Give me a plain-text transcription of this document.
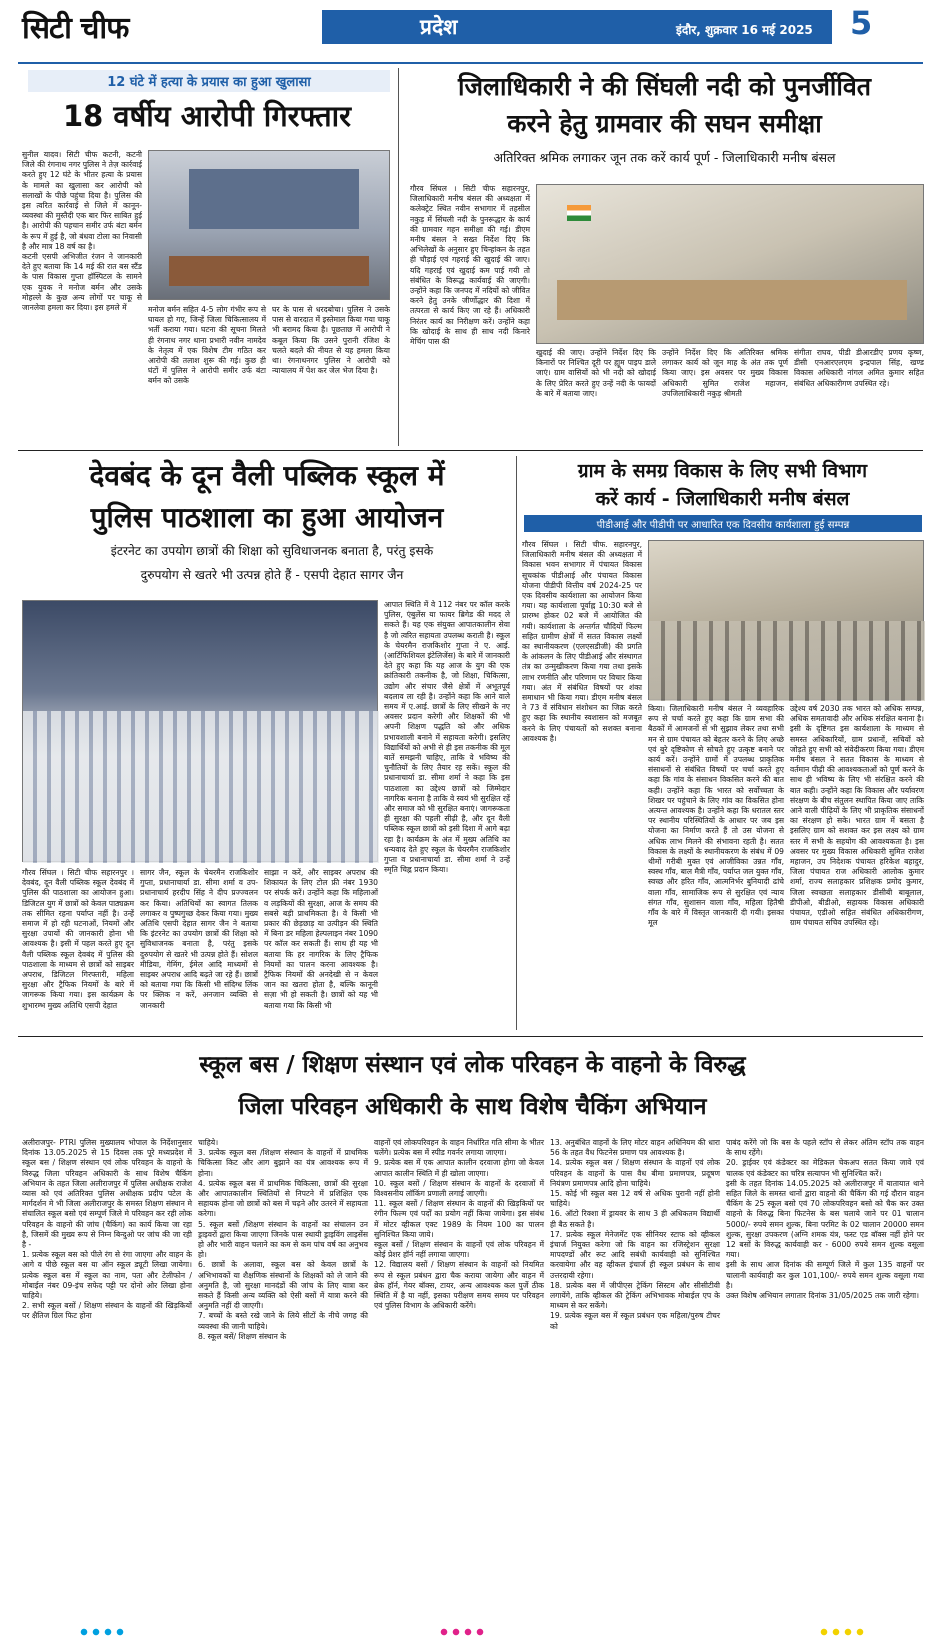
सिटी चीफ	प्रदेश	इंदौर, शुक्रवार 16 मई 2025 5
12 घंटे में हत्या के प्रयास का हुआ खुलासा
18 वर्षीय आरोपी गिरफ्तार

सुनील यादव। सिटी चीफ कटनी, कटनी जिले की रंगनाथ नगर पुलिस ने तेज़ कार्रवाई करते हुए 12 घंटे के भीतर हत्या के प्रयास के मामले का खुलासा कर आरोपी को सलाखों के पीछे पहुंचा दिया है। पुलिस की इस त्वरित कार्रवाई से जिले में कानून-व्यवस्था की मुस्तैदी एक बार फिर साबित हुई है। आरोपी की पहचान समीर उर्फ बंटा बर्मन के रूप में हुई है, जो बंधवा टोला का निवासी है और मात्र 18 वर्ष का है।
कटनी एसपी अभिजीत रंजन ने जानकारी देते हुए बताया कि 14 मई की रात बस स्टैंड के पास विकास गुप्ता हॉस्पिटल के सामने एक युवक ने मनोज बर्मन और उसके मोहल्ले के कुछ अन्य लोगों पर चाकू से जानलेवा हमला कर दिया। इस हमले में	मनोज बर्मन सहित 4-5 लोग गंभीर रूप से घायल हो गए, जिन्हें जिला चिकित्सालय में भर्ती कराया गया। घटना की सूचना मिलते ही रंगनाथ नगर थाना प्रभारी नवीन नामदेव के नेतृत्व में एक विशेष टीम गठित कर आरोपी की तलाश शुरू की गई। कुछ ही घंटों में पुलिस ने आरोपी समीर उर्फ बंटा बर्मन को उसके

घर के पास से धरदबोचा। पुलिस ने उसके पास से वारदात में इस्तेमाल किया गया चाकू भी बरामद किया है। पूछताछ में आरोपी ने कबूल किया कि उसने पुरानी रंजिश के चलते बदले की नीयत से यह हमला किया था। रंगनाथनगर पुलिस ने आरोपी को न्यायालय में पेश कर जेल भेज दिया है।

जिलाधिकारी ने की सिंघली नदी को पुनर्जीवित
करने हेतु ग्रामवार की सघन समीक्षा
अतिरिक्त श्रमिक लगाकर जून तक करें कार्य पूर्ण - जिलाधिकारी मनीष बंसल

गौरव सिंघल । सिटी चीफ सहारनपुर, जिलाधिकारी मनीष बंसल की अध्यक्षता में कलेक्ट्रेट स्थित नवीन सभागार में तहसील नकुड़ में सिंघली नदी के पुनरूद्धार के कार्य की ग्रामवार गहन समीक्षा की गई। डीएम मनीष बंसल ने सख्त निर्देश दिए कि अभिलेखों के अनुसार हुए चिन्हांकन के तहत ही चौड़ाई एवं गहराई की खुदाई की जाए। यदि गहराई एवं खुदाई कम पाई गयी तो संबंधित के विरूद्ध कार्यवाई की जाएगी। उन्होंने कहा कि जनपद में नदियों को जीवित करने हेतु उनके जीर्णोद्धार की दिशा में तत्परता से कार्य किए जा रहे हैं। अधिकारी निरंतर कार्य का निरीक्षण करें। उन्होंने कहा कि खोदाई के साथ ही साथ नदी किनारे मेचिंग पास की

खुदाई की जाए। उन्होंने निर्देश दिए कि किनारों पर निश्चित दूरी पर ह्यूम पाइप डाले जाएं। ग्राम वासियों को भी नदी को खोदाई के लिए प्रेरित करते हुए उन्हें नदी के फायदों के बारे में बताया जाए।

उन्होंने निर्देश दिए कि अतिरिक्त श्रमिक लगाकर कार्य को जून माह के अंत तक पूर्ण किया जाए। इस अवसर पर मुख्य विकास अधिकारी सुमित राजेश महाजन, उपजिलाधिकारी नकुड़ श्रीमती

संगीता राघव, पीडी डीआरडीए प्रणय कृष्ण, डीसी एनआरएलएम इन्द्रपाल सिंह, खण्ड विकास अधिकारी नांगल अमित कुमार सहित संबंधित अधिकारीगण उपस्थित रहे।

देवबंद के दून वैली पब्लिक स्कूल में
पुलिस पाठशाला का हुआ आयोजन
इंटरनेट का उपयोग छात्रों की शिक्षा को सुविधाजनक बनाता है, परंतु इसके
दुरुपयोग से खतरे भी उत्पन्न होते हैं - एसपी देहात सागर जैन

आपात स्थिति में वे 112 नंबर पर कॉल करके पुलिस, एंबुलेंस या फायर ब्रिगेड की मदद ले सकते हैं। यह एक संयुक्त आपातकालीन सेवा है जो त्वरित सहायता उपलब्ध कराती है। स्कूल के चेयरमैन राजकिशोर गुप्ता ने ए. आई. (आर्टिफिशियल इंटेलिजेंस) के बारे में जानकारी देते हुए कहा कि यह आज के युग की एक क्रांतिकारी तकनीक है, जो शिक्षा, चिकित्सा, उद्योग और संचार जैसे क्षेत्रों में अभूतपूर्व बदलाव ला रही है। उन्होंने कहा कि आने वाले समय में ए.आई. छात्रों के लिए सीखने के नए अवसर प्रदान करेगी और शिक्षकों की भी अपनी शिक्षण पद्धति को और अधिक प्रभावशाली बनाने में सहायता करेगी। इसलिए विद्यार्थियों को अभी से ही इस तकनीक की मूल बातें समझनी चाहिए, ताकि वे भविष्य की चुनौतियों के लिए तैयार रह सकें। स्कूल की प्रधानाचार्या डा. सीमा शर्मा ने कहा कि इस पाठशाला का उद्देश्य छात्रों को जिम्मेदार नागरिक बनाना है ताकि वे स्वयं भी सुरक्षित रहें और समाज को भी सुरक्षित बनाएं। जागरूकता ही सुरक्षा की पहली सीढ़ी है, और दून वैली पब्लिक स्कूल छात्रों को इसी दिशा में आगे बढ़ा रहा है। कार्यक्रम के अंत में मुख्य अतिथि का धन्यवाद देते हुए स्कूल के चेयरमैन राजकिशोर गुप्ता व प्रधानाचार्या डा. सीमा शर्मा ने उन्हें स्मृति चिह्न प्रदान किया।

गौरव सिंघल । सिटी चीफ सहारनपुर । देवबंद, दून वैली पब्लिक स्कूल देवबंद में पुलिस की पाठशाला का आयोजन हुआ। डिजिटल युग में छात्रों को केवल पाठ्यक्रम तक सीमित रहना पर्याप्त नहीं है। उन्हें समाज में हो रही घटनाओं, नियमों और सुरक्षा उपायों की जानकारी होना भी आवश्यक है। इसी में पहल करते हुए दून वैली पब्लिक स्कूल देवबंद में पुलिस की पाठशाला के माध्यम से छात्रों को साइबर अपराध, डिजिटल गिरफ्तारी, महिला सुरक्षा और ट्रैफिक नियमों के बारे में जागरूक किया गया। इस कार्यक्रम के शुभारम्भ मुख्य अतिथि एसपी देहात

सागर जैन, स्कूल के चेयरमैन राजकिशोर गुप्ता, प्रधानाचार्या डा. सीमा शर्मा व उप-प्रधानाचार्य हरदीप सिंह ने दीप प्रज्ज्वलन कर किया। अतिथियों का स्वागत तिलक लगाकर व पुष्पगुच्छ देकर किया गया। मुख्य अतिथि एसपी देहात सागर जैन ने बताया कि इंटरनेट का उपयोग छात्रों की शिक्षा को सुविधाजनक बनाता है, परंतु इसके दुरुपयोग से खतरे भी उत्पन्न होते हैं। सोशल मीडिया, गेमिंग, ईमेल आदि माध्यमों से साइबर अपराध आदि बढ़ते जा रहे हैं। छात्रों को बताया गया कि किसी भी संदिग्ध लिंक पर क्लिक न करें, अनजान व्यक्ति से जानकारी

साझा न करें, और साइबर अपराध की शिकायत के लिए टोल फ्री नंबर 1930 पर संपर्क करें। उन्होंने कहा कि महिलाओं व लड़कियों की सुरक्षा, आज के समय की सबसे बड़ी प्राथमिकता है। वे किसी भी प्रकार की छेड़छाड़ या उत्पीड़न की स्थिति में बिना डर महिला हेल्पलाइन नंबर 1090 पर कॉल कर सकती हैं। साथ ही यह भी बताया कि हर नागरिक के लिए ट्रैफिक नियमों का पालन करना आवश्यक है। ट्रैफिक नियमों की अनदेखी से न केवल जान का खतरा होता है, बल्कि कानूनी सज़ा भी हो सकती है। छात्रों को यह भी बताया गया कि किसी भी

ग्राम के समग्र विकास के लिए सभी विभाग
करें कार्य - जिलाधिकारी मनीष बंसल
पीडीआई और पीडीपी पर आधारित एक दिवसीय कार्यशाला हुई सम्पन्न

गौरव सिंघल । सिटी चीफ. सहारनपुर, जिलाधिकारी मनीष बंसल की अध्यक्षता में विकास भवन सभागार में पंचायत विकास सूचकांक पीडीआई और पंचायत विकास योजना पीडीपी वित्तीय वर्ष 2024-25 पर एक दिवसीय कार्यशाला का आयोजन किया गया। यह कार्यशाला पूर्वाह्न 10:30 बजे से प्रारम्भ होकर 02 बजे में आयोजित की गयी। कार्यशाला के अन्तर्गत चौदियों फिल्म सहित ग्रामीण क्षेत्रों में सतत विकास लक्ष्यों का स्थानीयकरण (एलएसडीजी) की प्रगति के आंकलन के लिए पीडीआई और संस्थागत तंत्र का उन्मुखीकरण किया गया तथा इसके लाभ रणनीति और परिणाम पर विचार किया गया। अंत में संबंधित विषयों पर शंका समाधान भी किया गया। डीएम मनीष बंसल ने 73 वें संविधान संशोधन का जिक्र करते हुए कहा कि स्थानीय स्वशासन को मजबूत करने के लिए पंचायतों को सशक्त बनाना आवश्यक है।

किया। जिलाधिकारी मनीष बंसल ने व्यवहारिक रूप से चर्चा करते हुए कहा कि ग्राम सभा की बैठकों में आमजनों से भी सुझाव लेकर तथा सभी मन से ग्राम पंचायत को बेहतर करने के लिए अच्छे एवं बुरे दृष्टिकोण से सोचते हुए उत्कृष्ट बनाने पर कार्य करें। उन्होंने ग्रामों में उपलब्ध प्राकृतिक संसाधनों से संबंधित विषयों पर चर्चा करते हुए कहा कि गांव के संसाधन विकसित करने की बात कही। उन्होंने कहा कि भारत को सर्वोच्चता के शिखर पर पहुंचाने के लिए गांव का विकसित होना अत्यन्त आवश्यक है। उन्होंने कहा कि धरातल स्तर पर स्थानीय परिस्थितियों के आधार पर जब इस योजना का निर्माण करते हैं तो उस योजना से अधिक लाभ मिलने की संभावना रहती है। सतत विकास के लक्ष्यों के स्थानीयकरण के संबंध में 09 थीमों गरीबी मुक्त एवं आजीविका उन्नत गाँव, स्वस्थ गाँव, बाल मैत्री गाँव, पर्याप्त जल युक्त गाँव, स्वच्छ और हरित गाँव, आत्मनिर्भर बुनियादी ढांचे वाला गाँव, सामाजिक रूप से सुरक्षित एवं न्याय संगत गाँव, सुशासन वाला गाँव, महिला हितैषी गाँव के बारे में विस्तृत जानकारी दी गयी। इसका मूल

उद्देश्य वर्ष 2030 तक भारत को अधिक सम्पन्न, अधिक समतावादी और अधिक संरक्षित बनाना है। इसी के दृष्टिगत इस कार्यशाला के माध्यम से समस्त अधिकारियों, ग्राम प्रधानों, सचिवों को जोड़ते हुए सभी को संवेदीकरण किया गया। डीएम मनीष बंसल ने सतत विकास के माध्यम से वर्तमान पीढ़ी की आवश्यकताओं को पूर्ण करने के साथ ही भविष्य के लिए भी संरक्षित करने की बात कही। उन्होंने कहा कि विकास और पर्यावरण संरक्षण के बीच संतुलन स्थापित किया जाए ताकि आने वाली पीढ़ियों के लिए भी प्राकृतिक संसाधनों का संरक्षण हो सके। भारत ग्राम में बसता है इसलिए ग्राम को सशक्त कर इस लक्ष्य को ग्राम स्तर में सभी के सहयोग की आवश्यकता है। इस अवसर पर मुख्य विकास अधिकारी सुमित राजेश महाजन, उप निदेशक पंचायत हरिकेश बहादुर, जिला पंचायत राज अधिकारी आलोक कुमार शर्मा, राज्य सलाहकार प्रशिक्षक प्रमोद कुमार, जिला स्वच्छता सलाहकार डीसीबी बाबूलाल, डीपीओ, बीडीओ, सहायक विकास अधिकारी पंचायत, एडीओ सहित संबंधित अधिकारीगण, ग्राम पंचायत सचिव उपस्थित रहे।

स्कूल बस / शिक्षण संस्थान एवं लोक परिवहन के वाहनो के विरुद्ध
जिला परिवहन अधिकारी के साथ विशेष चैकिंग अभियान

अलीराजपुर- PTRI पुलिस मुख्यालय भोपाल के निर्देशानुसार दिनांक 13.05.2025 से 15 दिवस तक पूरे मध्यप्रदेश में स्कूल बस / शिक्षण संस्थान एवं लोक परिवहन के वाहनो के विरुद्ध जिला परिवहन अधिकारी के साथ विशेष चैकिंग अभियान के तहत जिला अलीराजपुर में पुलिस अधीक्षक राजेश व्यास को एवं अतिरिक्त पुलिस अधीक्षक प्रदीप पटेल के मार्गदर्शन मे भी जिला अलीराजपुर के समस्त शिक्षण संस्थान मे संचालित स्कूल बसो एवं सम्पूर्ण जिले मे परिवहन कर रही लोक परिवहन के वाहनो की जांच (चैकिंग) का कार्य किया जा रहा है, जिसमें की मुख्य रूप से निम्न बिन्दुओ पर जांच की जा रही है -
1. प्रत्येक स्कूल बस को पीले रंग से रंगा जाएगा और वाहन के आगे व पीछे स्कूल बस या ऑन स्कूल ड्यूटी लिखा जायेगा। प्रत्येक स्कूल बस में स्कूल का नाम, पता और टेलीफोन / मोबाईल नंबर 09-इंच सफेद पट्टी पर दोनो ओर लिखा होना चाहिये।
2. सभी स्कूल बसों / शिक्षण संस्थान के वाहनों की खिड़कियों पर क्षैतिज ग्रिल फिट होना

चाहिये।
3. प्रत्येक स्कूल बस /शिक्षण संस्थान के वाहनों में प्राथमिक चिकित्सा किट और आग बुझाने का यंत्र आवश्यक रूप में होना।
4. प्रत्येक स्कूल बस में प्राथमिक चिकित्सा, छात्रों की सुरक्षा और आपातकालीन स्थितियों से निपटने में प्रशिक्षित एक सहायक होना जो छात्रों को बस में चढ़ने और उतरने में सहायता करेगा।
5. स्कूल बसों /शिक्षण संस्थान के वाहनों का संचालन उन ड्राइवरों द्वारा किया जाएगा जिनके पास स्थायी ड्राइविंग लाइसेंस हो और भारी वाहन चलाने का कम से कम पांच वर्ष का अनुभव हो।
6. छात्रों के अलावा, स्कूल बस को केवल छात्रों के अभिभावकों या शैक्षणिक संस्थानों के शिक्षकों को ले जाने की अनुमति है, जो सुरक्षा मानदंडों की जांच के लिए यात्रा कर सकते हैं किसी अन्य व्यक्ति को ऐसी बसों में यात्रा करने की अनुमति नहीं दी जाएगी।
7. बच्चों के बस्ते रखे जाने के लिये सीटों के नीचे जगह की व्यवस्था की जानी चाहिये।
8. स्कूल बसें/ शिक्षण संस्थान के

वाहनों एवं लोकपरिवहन के वाहन निर्धारित गति सीमा के भीतर चलेंगे। प्रत्येक बस में स्पीड गवर्नर लगाया जाएगा।
9. प्रत्येक बस में एक आपात कालीन दरवाजा होगा जो केवल आपात कालीन स्थिति में ही खोला जाएगा।
10. स्कूल बसों / शिक्षण संस्थान के वाहनों के दरवाजों में विश्वसनीय लॉकिंग प्रणाली लगाई जाएगी।
11. स्कूल बसों / शिक्षण संस्थान के वाहनों की खिड़कियों पर रंगीन फिल्म एवं पर्दों का प्रयोग नहीं किया जायेगा। इस संबंध में मोटर व्हीकल एक्ट 1989 के नियम 100 का पालन सुनिश्चित किया जाये।
स्कूल बसों / शिक्षण संस्थान के वाहनों एवं लोक परिवहन में कोई प्रेशर हॉर्न नहीं लगाया जाएगा।
12. विद्यालय बसों / शिक्षण संस्थान के वाहनों को नियमित रूप से स्कूल प्रबंधन द्वारा चैक कराया जायेगा और वाहन में ब्रेक हॉर्न, गेयर बॉक्स, टायर, अन्य आवश्यक कल पुर्जे ठीक स्थिति में है या नहीं, इसका परीक्षण समय समय पर परिवहन एवं पुलिस विभाग के अधिकारी करेंगे।

13. अनुबंधित वाहनों के लिए मोटर वाहन अधिनियम की धारा 56 के तहत वैध फिटनेस प्रमाण पत्र आवश्यक है।
14. प्रत्येक स्कूल बस / शिक्षण संस्थान के वाहनों एवं लोक परिवहन के वाहनों के पास वैध बीमा प्रमाणपत्र, प्रदूषण नियंत्रण प्रमाणपत्र आदि होना चाहिये।
15. कोई भी स्कूल बस 12 वर्ष से अधिक पुरानी नहीं होनी चाहिये।
16. ऑटो रिक्शा में ड्रायवर के साथ 3 ही अधिकतम विद्यार्थी ही बैठ सकते है।
17. प्रत्येक स्कूल मेनेजमेंट एक सीनियर स्टाफ को व्हीकल इंचार्ज नियुक्त करेगा जो कि वाहन का रजिस्ट्रेशन सुरक्षा मापदण्डों और रूट आदि सबंधी कार्यवाही को सुनिश्चित करवायेगा और वह व्हीकल इंचार्ज ही स्कूल प्रबंधन के साथ उत्तरदायी रहेगा।
18. प्रत्येक बस में जीपीएस ट्रेकिंग सिस्टम और सीसीटीवी लगायेंगे, ताकि व्हीकल की ट्रेकिंग अभिभावक मोबाईल एप के माध्यम से कर सकेंगे।
19. प्रत्येक स्कूल बस में स्कूल प्रबंधन एक महिला/पुरुष टीचर को

पाबंद करेंगे जो कि बस के पहले स्टॉप से लेकर अंतिम स्टॉप तक वाहन के साथ रहेंगे।
20. ड्राईवर एवं कंडेक्टर का मेडिकल चेकअप सतत किया जावे एवं चालक एवं कंडेक्टर का चरित्र सत्यापन भी सुनिश्चित करें।
इसी के तहत दिनांक 14.05.2025 को अलीराजपुर में यातायात थाने सहित जिले के समस्त थानों द्वारा वाहनो की चैकिंग की गई दौरान वाहन चैकिंग के 25 स्कूल बसो एवं 70 लोकपरिवहन बसो को चैक कर उक्त वाहनो के विरुद्ध बिना फिटनेस के बस चलाये जाने पर 01 चालान 5000/- रुपये समन शुल्क, बिना परमिट के 02 चालान 20000 समन शुल्क, सुरक्षा उपकरण (अग्नि शमक यंत्र, फस्ट एड बॉक्स नहीं होने पर 12 बसों के विरुद्ध कार्यवाही कर - 6000 रुपये समन शुल्क वसूला गया।
इसी के साथ आज दिनांक की सम्पूर्ण जिले में कुल 135 वाहनों पर चालानी कार्यवाही कर कुल 101,100/- रुपये समन शुल्क वसूला गया है।
उक्त विशेष अभियान लगातार दिनांक 31/05/2025 तक जारी रहेगा।
